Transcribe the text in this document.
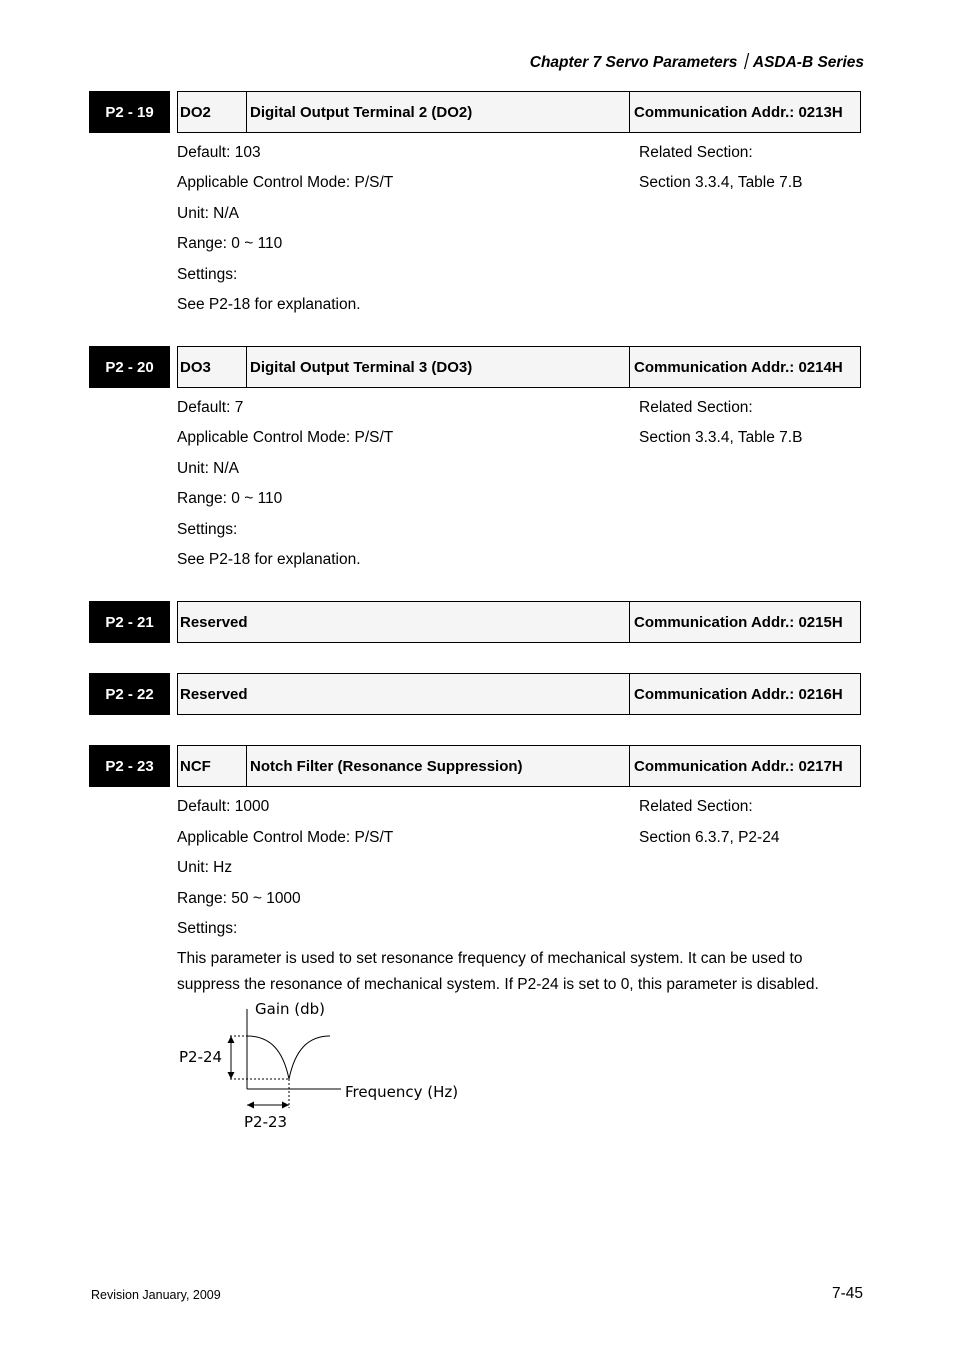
Chapter 7 Servo Parameters｜ASDA-B Series
P2 - 19	DO2	Digital Output Terminal 2 (DO2)	Communication Addr.: 0213H
Default: 103
Applicable Control Mode: P/S/T
Unit: N/A
Range: 0 ~ 110
Settings:
See P2-18 for explanation.
Related Section:
Section 3.3.4, Table 7.B
P2 - 20	DO3	Digital Output Terminal 3 (DO3)	Communication Addr.: 0214H
Default: 7
Applicable Control Mode: P/S/T
Unit: N/A
Range: 0 ~ 110
Settings:
See P2-18 for explanation.
Related Section:
Section 3.3.4, Table 7.B
P2 - 21	Reserved	Communication Addr.: 0215H
P2 - 22	Reserved	Communication Addr.: 0216H
P2 - 23	NCF	Notch Filter (Resonance Suppression)	Communication Addr.: 0217H
Default: 1000
Applicable Control Mode: P/S/T
Unit: Hz
Range: 50 ~ 1000
Settings:
This parameter is used to set resonance frequency of mechanical system. It can be used to
suppress the resonance of mechanical system. If P2-24 is set to 0, this parameter is disabled.
Related Section:
Section 6.3.7, P2-24
Gain (db)
Frequency (Hz)
P2-24
P2-23
Revision January, 2009	7-45
